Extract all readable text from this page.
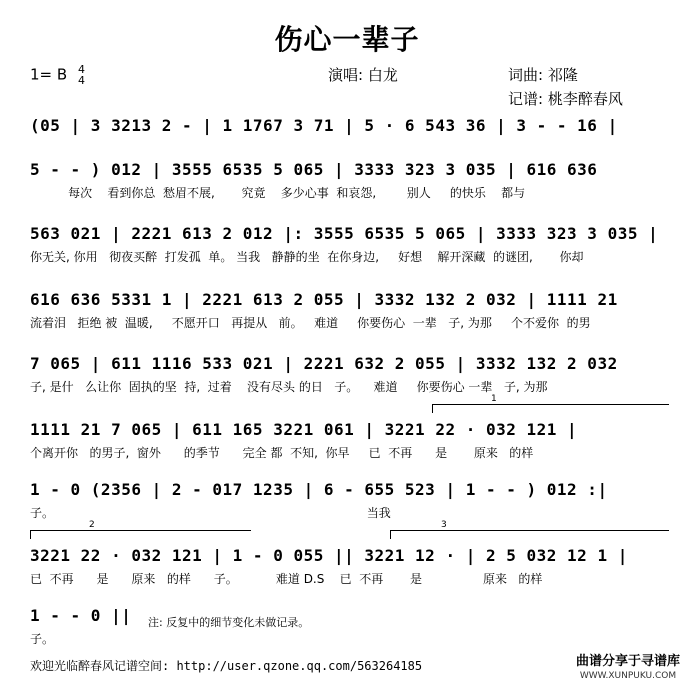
伤心一辈子
1= B 4
4	演唱: 白龙	词曲: 祁隆
记谱: 桃李醉春风
(05 | 3 3213 2 - | 1 1767 3 71 | 5 · 6 543 36 | 3 - - 16 |
5 - - ) 012 | 3555 6535 5 065 | 3333 323 3 035 | 616 636
每次    看到你总  愁眉不展,       究竟    多少心事  和哀怨,        别人     的快乐    都与
563 021 | 2221 613 2 012 |: 3555 6535 5 065 | 3333 323 3 035 |
你无关, 你用   彻夜买醉  打发孤  单。 当我   静静的坐  在你身边,     好想    解开深藏  的谜团,       你却
616 636 5331 1 | 2221 613 2 055 | 3332 132 2 032 | 1111 21
流着泪   拒绝 被  温暖,     不愿开口   再提从   前。   难道     你要伤心  一辈   子, 为那     个不爱你  的男
7 065 | 611 1116 533 021 | 2221 632 2 055 | 3332 132 2 032
子, 是什   么让你  固执的坚  持,  过着    没有尽头 的日   子。    难道     你要伤心 一辈   子, 为那
1
1111 21 7 065 | 611 165 3221 061 | 3221 22 · 032 121 |
个离开你   的男子,  窗外      的季节      完全 都  不知,  你早     已  不再      是       原来   的样
1 - 0 (2356 | 2 - 017 1235 | 6 - 655 523 | 1 - - ) 012 :|
子。                                                                                  当我
2	3
3221 22 · 032 121 | 1 - 0 055 || 3221 12 · | 2 5 032 12 1 |
已  不再      是      原来   的样      子。          难道 D.S    已  不再       是                原来   的样
1 - - 0 ||
子。
注: 反复中的细节变化未做记录。
欢迎光临醉春风记谱空间: http://user.qzone.qq.com/563264185	曲谱分享于寻谱库
WWW.XUNPUKU.COM
